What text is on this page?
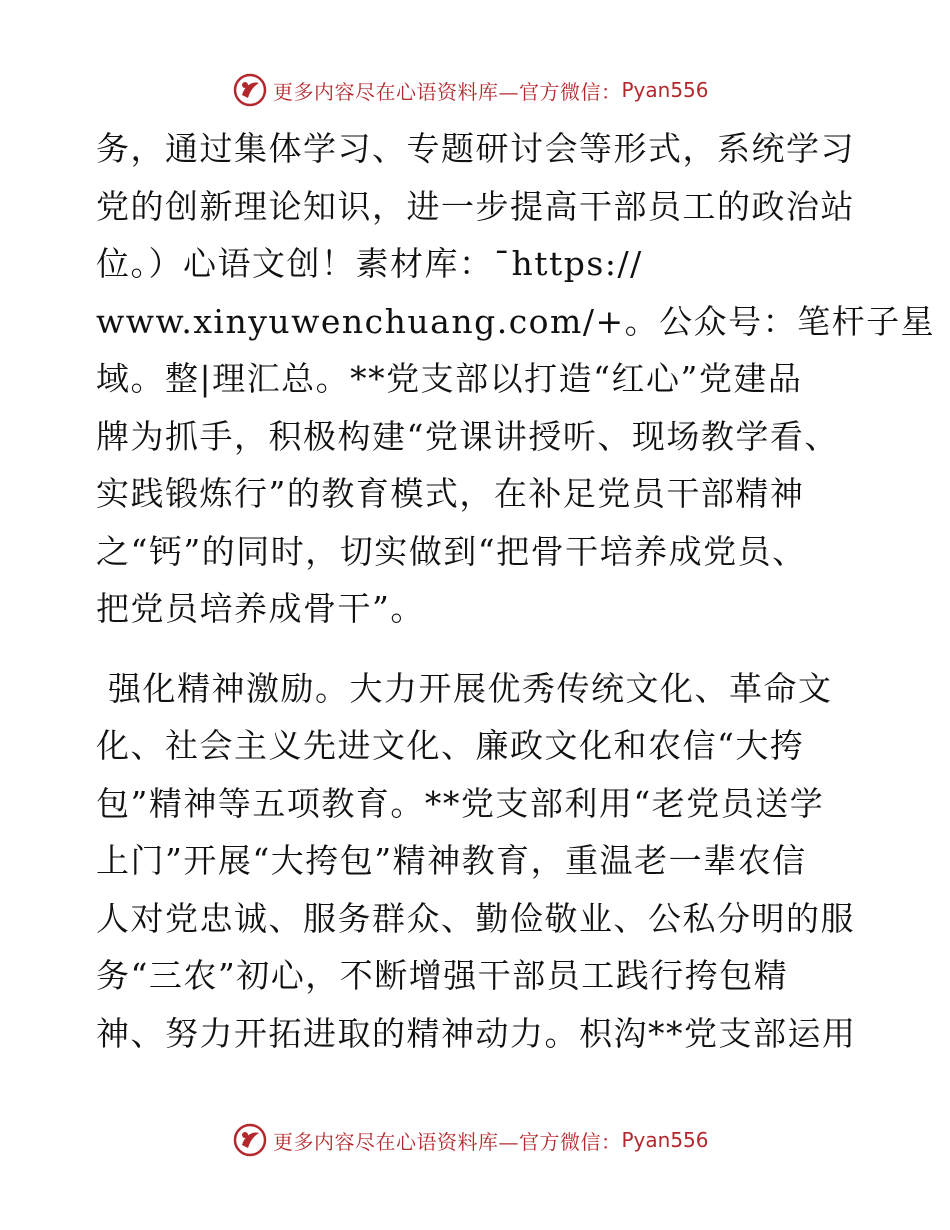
更多内容尽在心语资料库—官方微信： Pyan556
务，通过集体学习、专题研讨会等形式，系统学习
党的创新理论知识，进一步提高干部员工的政治站
位。）心语文创！素材库：¯https://
www.xinyuwenchuang.com/+。公众号：笔杆子星
域。整|理汇总。**党支部以打造“红心”党建品
牌为抓手，积极构建“党课讲授听、现场教学看、
实践锻炼行”的教育模式，在补足党员干部精神
之“钙”的同时，切实做到“把骨干培养成党员、
把党员培养成骨干”。
强化精神激励。大力开展优秀传统文化、革命文
化、社会主义先进文化、廉政文化和农信“大挎
包”精神等五项教育。**党支部利用“老党员送学
上门”开展“大挎包”精神教育，重温老一辈农信
人对党忠诚、服务群众、勤俭敬业、公私分明的服
务“三农”初心，不断增强干部员工践行挎包精
神、努力开拓进取的精神动力。枳沟**党支部运用
更多内容尽在心语资料库—官方微信： Pyan556
